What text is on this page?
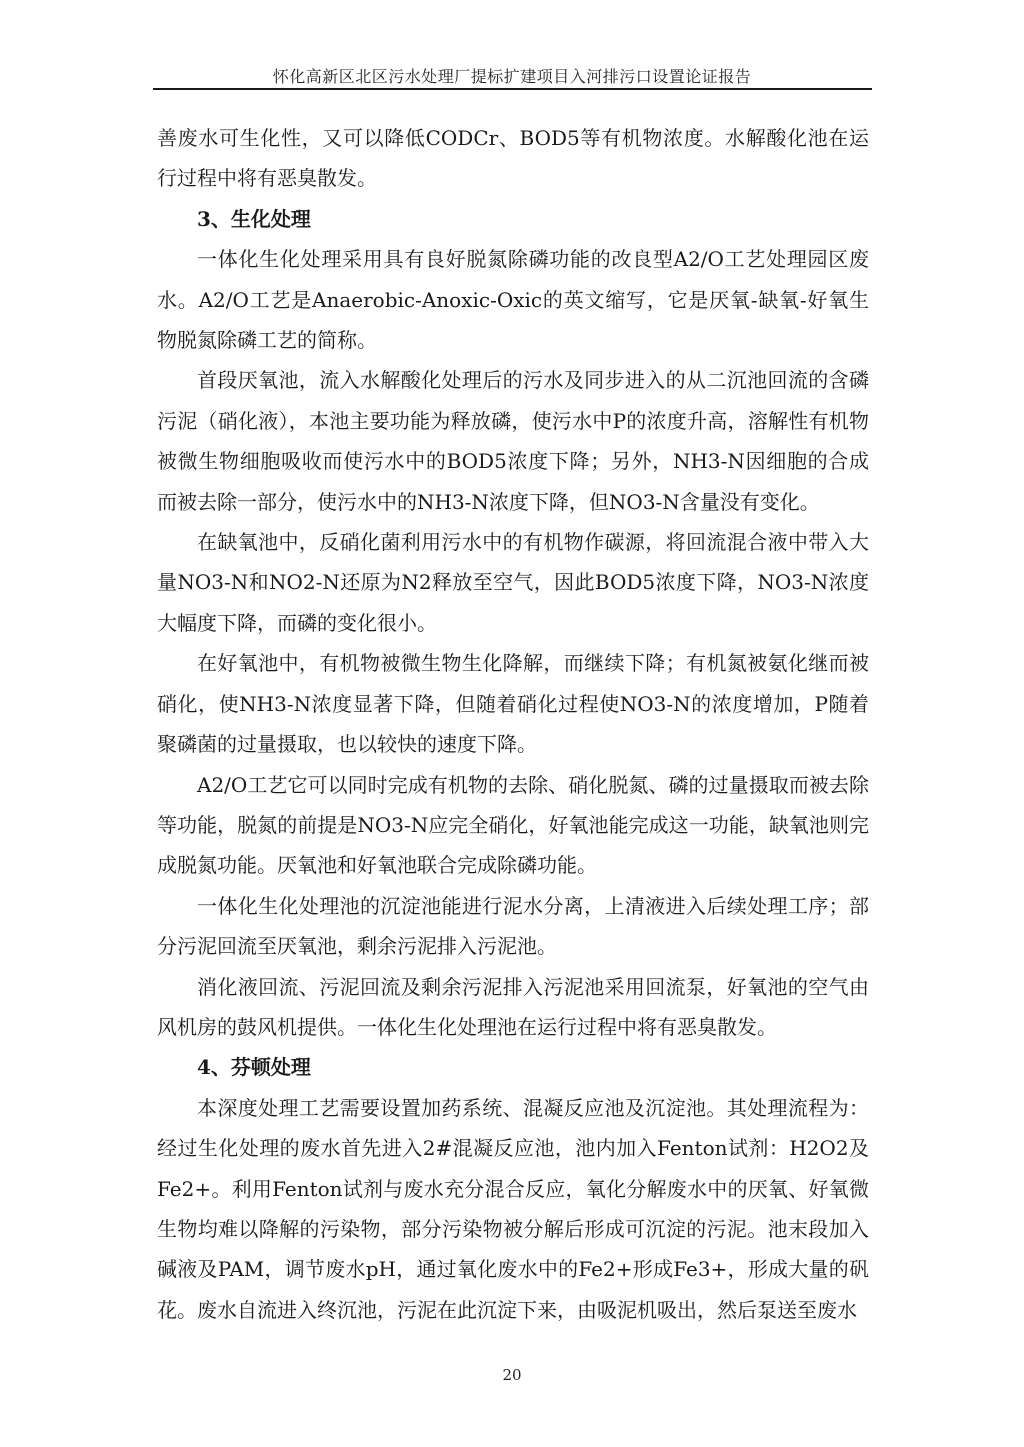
怀化高新区北区污水处理厂提标扩建项目入河排污口设置论证报告

善废水可生化性，又可以降低CODCr、BOD5等有机物浓度。水解酸化池在运行过程中将有恶臭散发。

3、生化处理

一体化生化处理采用具有良好脱氮除磷功能的改良型A2/O工艺处理园区废水。A2/O工艺是Anaerobic-Anoxic-Oxic的英文缩写，它是厌氧-缺氧-好氧生物脱氮除磷工艺的简称。

首段厌氧池，流入水解酸化处理后的污水及同步进入的从二沉池回流的含磷污泥（硝化液），本池主要功能为释放磷，使污水中P的浓度升高，溶解性有机物被微生物细胞吸收而使污水中的BOD5浓度下降；另外，NH3-N因细胞的合成而被去除一部分，使污水中的NH3-N浓度下降，但NO3-N含量没有变化。

在缺氧池中，反硝化菌利用污水中的有机物作碳源，将回流混合液中带入大量NO3-N和NO2-N还原为N2释放至空气，因此BOD5浓度下降，NO3-N浓度大幅度下降，而磷的变化很小。

在好氧池中，有机物被微生物生化降解，而继续下降；有机氮被氨化继而被硝化，使NH3-N浓度显著下降，但随着硝化过程使NO3-N的浓度增加，P随着聚磷菌的过量摄取，也以较快的速度下降。

A2/O工艺它可以同时完成有机物的去除、硝化脱氮、磷的过量摄取而被去除等功能，脱氮的前提是NO3-N应完全硝化，好氧池能完成这一功能，缺氧池则完成脱氮功能。厌氧池和好氧池联合完成除磷功能。

一体化生化处理池的沉淀池能进行泥水分离，上清液进入后续处理工序；部分污泥回流至厌氧池，剩余污泥排入污泥池。

消化液回流、污泥回流及剩余污泥排入污泥池采用回流泵，好氧池的空气由风机房的鼓风机提供。一体化生化处理池在运行过程中将有恶臭散发。

4、芬顿处理

本深度处理工艺需要设置加药系统、混凝反应池及沉淀池。其处理流程为：经过生化处理的废水首先进入2#混凝反应池，池内加入Fenton试剂：H2O2及Fe2+。利用Fenton试剂与废水充分混合反应，氧化分解废水中的厌氧、好氧微生物均难以降解的污染物，部分污染物被分解后形成可沉淀的污泥。池末段加入碱液及PAM，调节废水pH，通过氧化废水中的Fe2+形成Fe3+，形成大量的矾花。废水自流进入终沉池，污泥在此沉淀下来，由吸泥机吸出，然后泵送至废水

20
